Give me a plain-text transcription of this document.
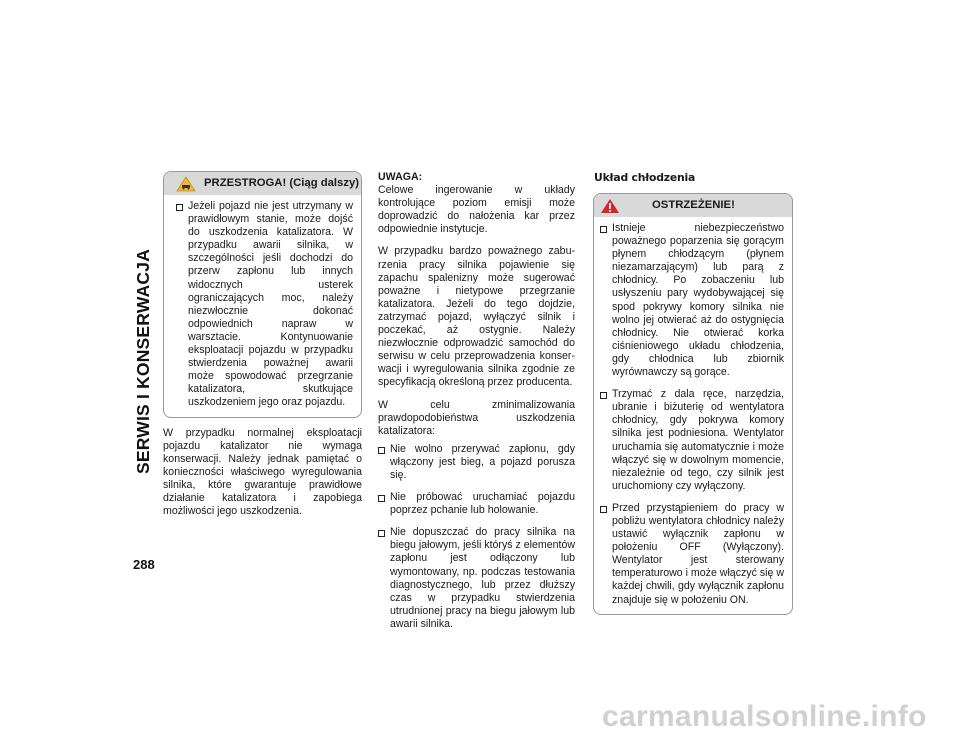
SERWIS I KONSERWACJA
288
PRZESTROGA! (Ciąg dalszy)
Jeżeli pojazd nie jest utrzymany w prawidłowym stanie, może dojść do uszkodzenia katalizatora. W przypadku awarii silnika, w szczególności jeśli dochodzi do przerw zapłonu lub innych widocznych usterek ograniczających moc, należy niezwłocznie dokonać odpowiednich napraw w warsztacie. Kontynuowanie eksploatacji pojazdu w przypadku stwierdzenia poważnej awarii może spowodować przegrzanie katalizatora, skutkujące uszkodzeniem jego oraz pojazdu.

W przypadku normalnej eksploatacji pojazdu katalizator nie wymaga konserwacji. Należy jednak pamiętać o konieczności właściwego wyregulowania silnika, które gwarantuje prawidłowe działanie katalizatora i zapobiega możliwości jego uszkodzenia.

UWAGA:

Celowe ingerowanie w układy kontrolujące poziom emisji może doprowadzić do nałożenia kar przez odpowiednie instytucje.

W przypadku bardzo poważnego zaburzenia pracy silnika pojawienie się zapachu spalenizny może sugerować poważne i nietypowe przegrzanie katalizatora. Jeżeli do tego dojdzie, zatrzymać pojazd, wyłączyć silnik i poczekać, aż ostygnie. Należy niezwłocznie odprowadzić samochód do serwisu w celu przeprowadzenia konserwacji i wyregulowania silnika zgodnie ze specyfikacją określoną przez producenta.

W celu zminimalizowania prawdopodobieństwa uszkodzenia katalizatora:

Nie wolno przerywać zapłonu, gdy włączony jest bieg, a pojazd porusza się.
Nie próbować uruchamiać pojazdu poprzez pchanie lub holowanie.
Nie dopuszczać do pracy silnika na biegu jałowym, jeśli któryś z elementów zapłonu jest odłączony lub wymontowany, np. podczas testowania diagnostycznego, lub przez dłuższy czas w przypadku stwierdzenia utrudnionej pracy na biegu jałowym lub awarii silnika.
Układ chłodzenia
OSTRZEŻENIE!
Istnieje niebezpieczeństwo poważnego poparzenia się gorącym płynem chłodzącym (płynem niezamarzającym) lub parą z chłodnicy. Po zobaczeniu lub usłyszeniu pary wydobywającej się spod pokrywy komory silnika nie wolno jej otwierać aż do ostygnięcia chłodnicy. Nie otwierać korka ciśnieniowego układu chłodzenia, gdy chłodnica lub zbiornik wyrównawczy są gorące.
Trzymać z dala ręce, narzędzia, ubranie i biżuterię od wentylatora chłodnicy, gdy pokrywa komory silnika jest podniesiona. Wentylator uruchamia się automatycznie i może włączyć się w dowolnym momencie, niezależnie od tego, czy silnik jest uruchomiony czy wyłączony.
Przed przystąpieniem do pracy w pobliżu wentylatora chłodnicy należy ustawić wyłącznik zapłonu w położeniu OFF (Wyłączony). Wentylator jest sterowany temperaturowo i może włączyć się w każdej chwili, gdy wyłącznik zapłonu znajduje się w położeniu ON.
carmanualsonline.info
